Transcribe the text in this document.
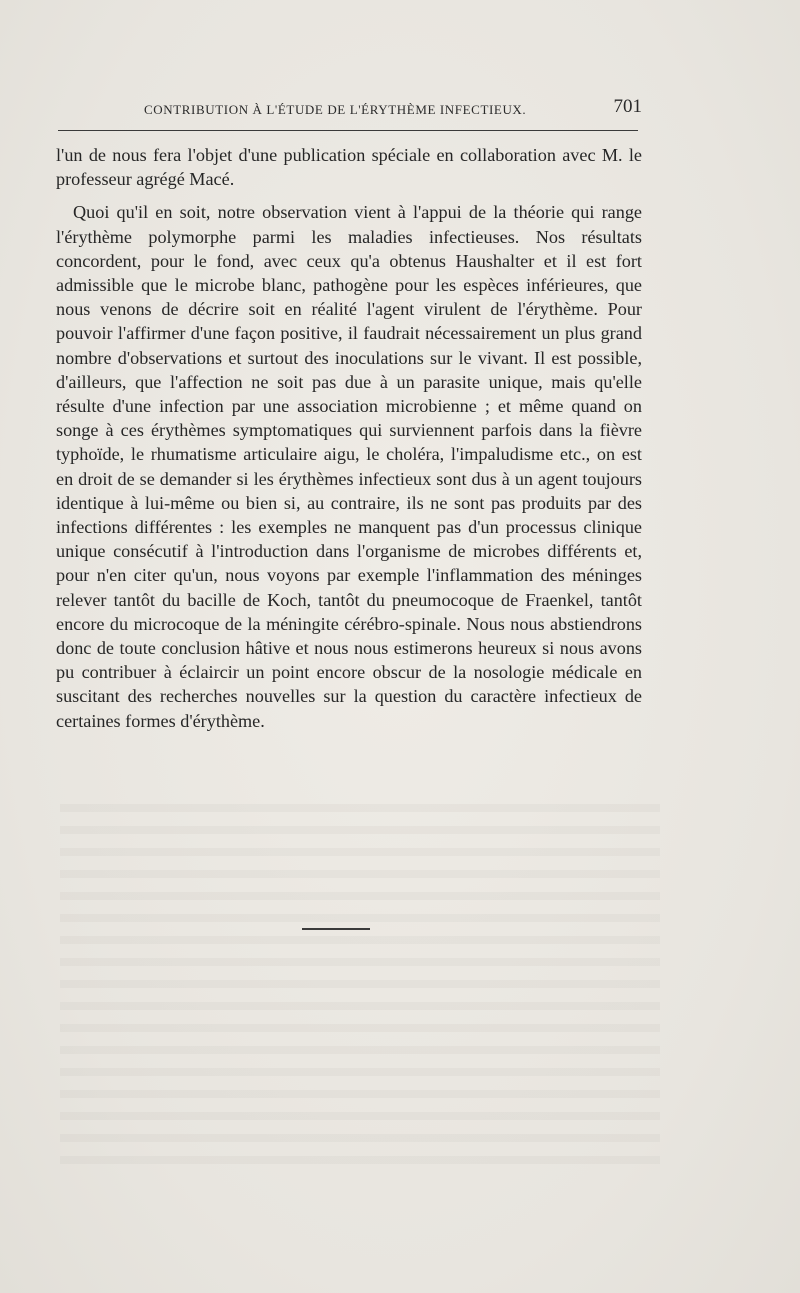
CONTRIBUTION À L'ÉTUDE DE L'ÉRYTHÈME INFECTIEUX.	701

l'un de nous fera l'objet d'une publication spéciale en collaboration avec M. le professeur agrégé Macé.

Quoi qu'il en soit, notre observation vient à l'appui de la théorie qui range l'érythème polymorphe parmi les maladies infectieuses. Nos résultats concordent, pour le fond, avec ceux qu'a obtenus Haushalter et il est fort admissible que le microbe blanc, pathogène pour les espèces inférieures, que nous venons de décrire soit en réalité l'agent virulent de l'érythème. Pour pouvoir l'affirmer d'une façon positive, il faudrait nécessairement un plus grand nombre d'observations et surtout des inoculations sur le vivant. Il est possible, d'ailleurs, que l'affection ne soit pas due à un parasite unique, mais qu'elle résulte d'une infection par une association microbienne ; et même quand on songe à ces érythèmes symptomatiques qui surviennent parfois dans la fièvre typhoïde, le rhumatisme articulaire aigu, le choléra, l'impaludisme etc., on est en droit de se demander si les érythèmes infectieux sont dus à un agent toujours identique à lui-même ou bien si, au contraire, ils ne sont pas produits par des infections différentes : les exemples ne manquent pas d'un processus clinique unique consécutif à l'introduction dans l'organisme de microbes différents et, pour n'en citer qu'un, nous voyons par exemple l'inflammation des méninges relever tantôt du bacille de Koch, tantôt du pneumocoque de Fraenkel, tantôt encore du microcoque de la méningite cérébro-spinale. Nous nous abstiendrons donc de toute conclusion hâtive et nous nous estimerons heureux si nous avons pu contribuer à éclaircir un point encore obscur de la nosologie médicale en suscitant des recherches nouvelles sur la question du caractère infectieux de certaines formes d'érythème.
